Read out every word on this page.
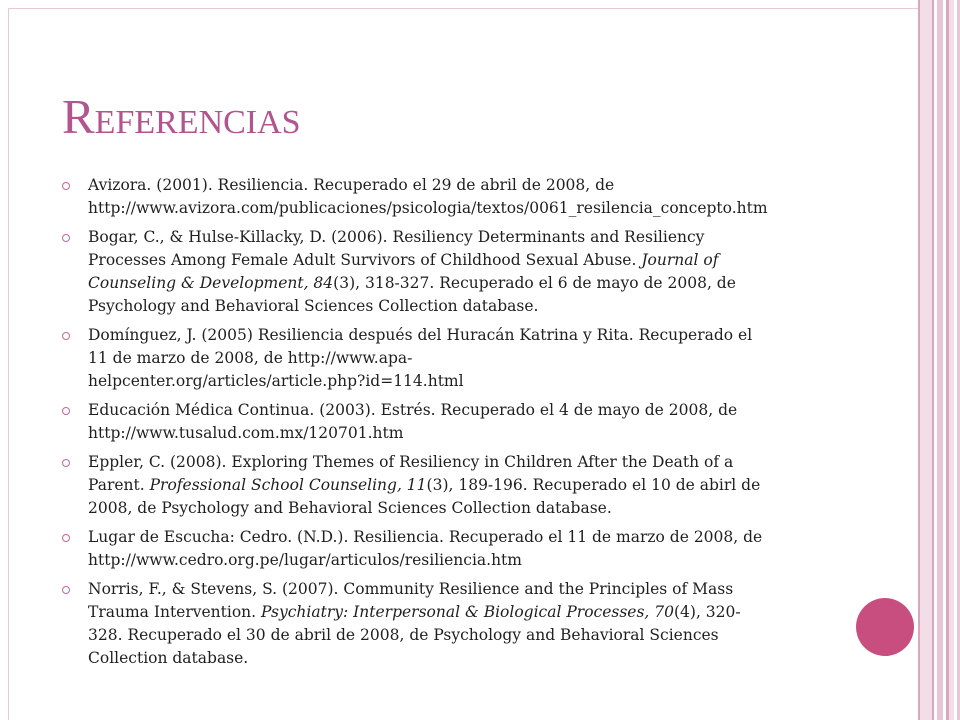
Referencias
Avizora. (2001). Resiliencia. Recuperado el 29 de abril de 2008, de
http://www.avizora.com/publicaciones/psicologia/textos/0061_resilencia_concepto.htm
Bogar, C., & Hulse-Killacky, D. (2006). Resiliency Determinants and Resiliency
Processes Among Female Adult Survivors of Childhood Sexual Abuse. Journal of
Counseling & Development, 84(3), 318-327. Recuperado el 6 de mayo de 2008, de
Psychology and Behavioral Sciences Collection database.
Domínguez, J. (2005) Resiliencia después del Huracán Katrina y Rita. Recuperado el
11 de marzo de 2008, de http://www.apa-
helpcenter.org/articles/article.php?id=114.html
Educación Médica Continua. (2003). Estrés. Recuperado el 4 de mayo de 2008, de
http://www.tusalud.com.mx/120701.htm
Eppler, C. (2008). Exploring Themes of Resiliency in Children After the Death of a
Parent. Professional School Counseling, 11(3), 189-196. Recuperado el 10 de abirl de
2008, de Psychology and Behavioral Sciences Collection database.
Lugar de Escucha: Cedro. (N.D.). Resiliencia. Recuperado el 11 de marzo de 2008, de
http://www.cedro.org.pe/lugar/articulos/resiliencia.htm
Norris, F., & Stevens, S. (2007). Community Resilience and the Principles of Mass
Trauma Intervention. Psychiatry: Interpersonal & Biological Processes, 70(4), 320-
328. Recuperado el 30 de abril de 2008, de Psychology and Behavioral Sciences
Collection database.
